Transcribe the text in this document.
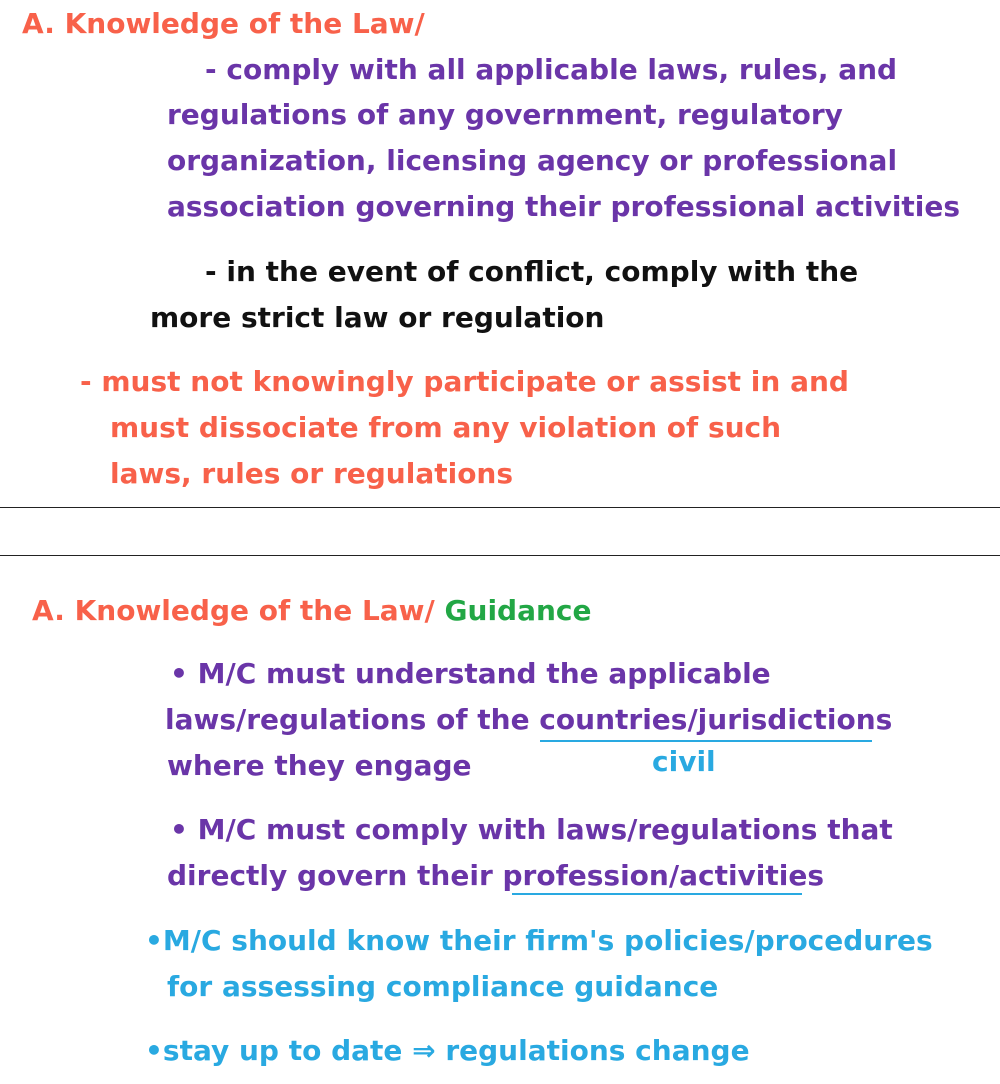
A. Knowledge of the Law/
- comply with all applicable laws, rules, and
regulations of any government, regulatory
organization, licensing agency or professional
association governing their professional activities
- in the event of conflict, comply with the
more strict law or regulation
- must not knowingly participate or assist in and
must dissociate from any violation of such
laws, rules or regulations
A. Knowledge of the Law/ Guidance
• M/C must understand the applicable
laws/regulations of the countries/jurisdictions
where they engage	civil
• M/C must comply with laws/regulations that
directly govern their profession/activities
•M/C should know their firm's policies/procedures
for assessing compliance guidance
•stay up to date ⇒ regulations change
